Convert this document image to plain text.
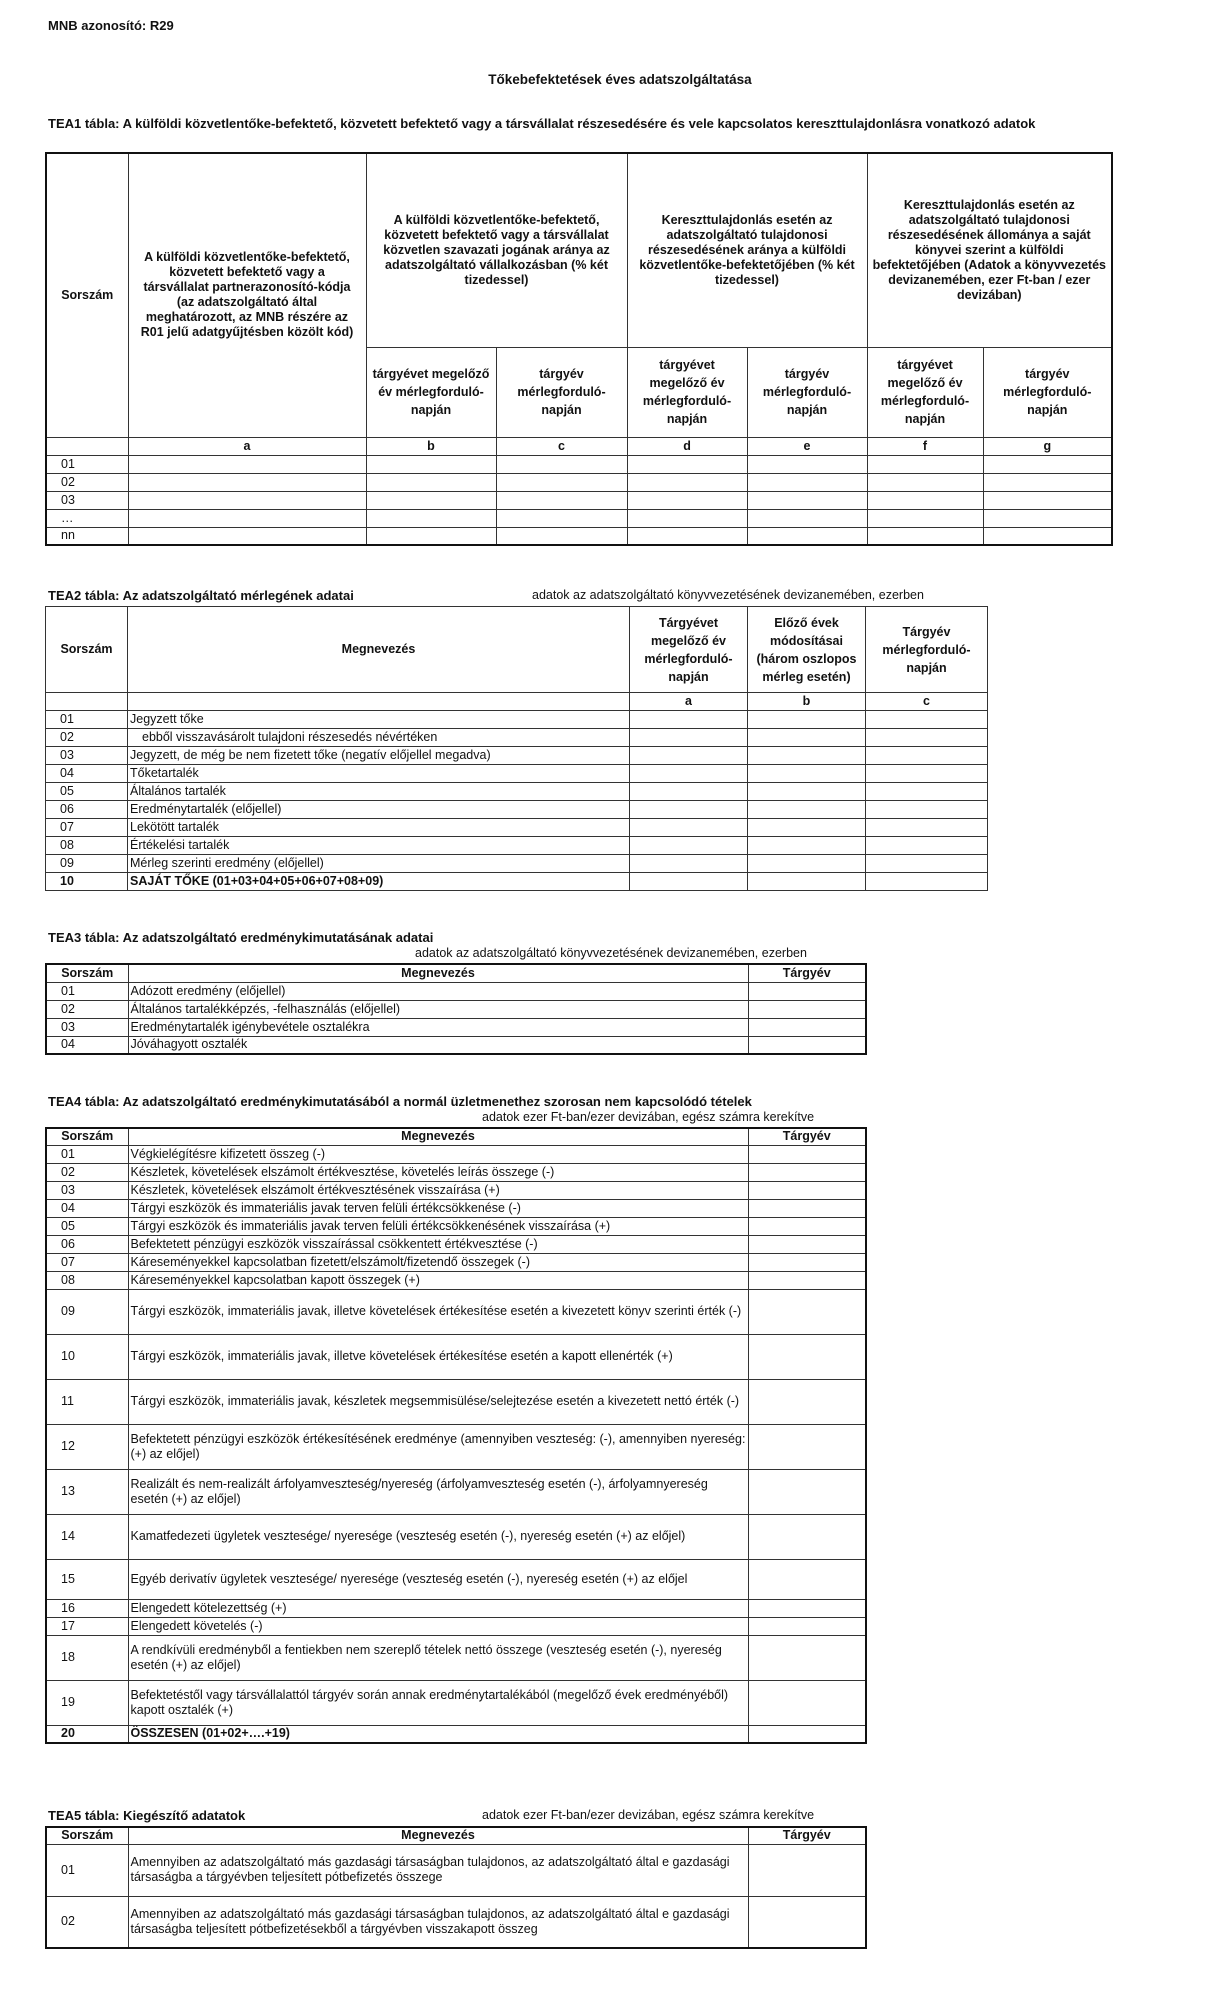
MNB azonosító: R29
Tőkebefektetések éves adatszolgáltatása
TEA1 tábla: A külföldi közvetlentőke-befektető, közvetett befektető vagy a társvállalat részesedésére és vele kapcsolatos kereszttulajdonlásra vonatkozó adatok
Sorszám	A külföldi közvetlentőke-befektető, közvetett befektető vagy a társvállalat partnerazonosító-kódja (az adatszolgáltató által meghatározott, az MNB részére az R01 jelű adatgyűjtésben közölt kód)	A külföldi közvetlentőke-befektető, közvetett befektető vagy a társvállalat közvetlen szavazati jogának aránya az adatszolgáltató vállalkozásban (% két tizedessel)		Kereszttulajdonlás esetén az adatszolgáltató tulajdonosi részesedésének aránya a külföldi közvetlentőke-befektetőjében (% két tizedessel)		Kereszttulajdonlás esetén az adatszolgáltató tulajdonosi részesedésének állománya a saját könyvei szerint a külföldi befektetőjében (Adatok a könyvvezetés devizanemében, ezer Ft-ban / ezer devizában)	
		tárgyévet megelőző év mérlegforduló-napján	tárgyév mérlegforduló-napján	tárgyévet megelőző év mérlegforduló-napján	tárgyév mérlegforduló-napján	tárgyévet megelőző év mérlegforduló-napján	tárgyév mérlegforduló-napján
	a	b	c	d	e	f	g
01							
02							
03							
…							
nn							
TEA2 tábla: Az adatszolgáltató mérlegének adatai	adatok az adatszolgáltató könyvvezetésének devizanemében, ezerben
Sorszám	Megnevezés	Tárgyévet megelőző év mérlegforduló-napján	Előző évek módosításai (három oszlopos mérleg esetén)	Tárgyév mérlegforduló-napján
		a	b	c
01	Jegyzett tőke			
02	ebből visszavásárolt tulajdoni részesedés névértéken			
03	Jegyzett, de még be nem fizetett tőke (negatív előjellel megadva)			
04	Tőketartalék			
05	Általános tartalék			
06	Eredménytartalék (előjellel)			
07	Lekötött tartalék			
08	Értékelési tartalék			
09	Mérleg szerinti eredmény (előjellel)			
10	SAJÁT TŐKE (01+03+04+05+06+07+08+09)			
TEA3 tábla: Az adatszolgáltató eredménykimutatásának adatai
adatok az adatszolgáltató könyvvezetésének devizanemében, ezerben
Sorszám	Megnevezés	Tárgyév
01	Adózott eredmény (előjellel)	
02	Általános tartalékképzés, -felhasználás (előjellel)	
03	Eredménytartalék igénybevétele osztalékra	
04	Jóváhagyott osztalék	
TEA4 tábla: Az adatszolgáltató eredménykimutatásából a normál üzletmenethez szorosan nem kapcsolódó tételek
adatok ezer Ft-ban/ezer devizában, egész számra kerekítve
Sorszám	Megnevezés	Tárgyév
01	Végkielégítésre kifizetett összeg (-)	
02	Készletek, követelések elszámolt értékvesztése, követelés leírás összege (-)	
03	Készletek, követelések elszámolt értékvesztésének visszaírása (+)	
04	Tárgyi eszközök és immateriális javak terven felüli értékcsökkenése (-)	
05	Tárgyi eszközök és immateriális javak terven felüli értékcsökkenésének visszaírása (+)	
06	Befektetett pénzügyi eszközök visszaírással csökkentett értékvesztése (-)	
07	Káreseményekkel kapcsolatban fizetett/elszámolt/fizetendő összegek (-)	
08	Káreseményekkel kapcsolatban kapott összegek (+)	
09	Tárgyi eszközök, immateriális javak, illetve követelések értékesítése esetén a kivezetett könyv szerinti érték (-)	
10	Tárgyi eszközök, immateriális javak, illetve követelések értékesítése esetén a kapott ellenérték (+)	
11	Tárgyi eszközök, immateriális javak, készletek megsemmisülése/selejtezése esetén a kivezetett nettó érték (-)	
12	Befektetett pénzügyi eszközök értékesítésének eredménye (amennyiben veszteség: (-), amennyiben nyereség: (+) az előjel)	
13	Realizált és nem-realizált árfolyamveszteség/nyereség (árfolyamveszteség esetén (-), árfolyamnyereség esetén (+) az előjel)	
14	Kamatfedezeti ügyletek vesztesége/ nyeresége (veszteség esetén (-), nyereség esetén (+) az előjel)	
15	Egyéb derivatív ügyletek vesztesége/ nyeresége (veszteség esetén (-), nyereség esetén (+) az előjel	
16	Elengedett kötelezettség (+)	
17	Elengedett követelés (-)	
18	A rendkívüli eredményből a fentiekben nem szereplő tételek nettó összege (veszteség esetén (-), nyereség esetén (+) az előjel)	
19	Befektetéstől vagy társvállalattól tárgyév során annak eredménytartalékából (megelőző évek eredményéből) kapott osztalék (+)	
20	ÖSSZESEN (01+02+….+19)	
TEA5 tábla: Kiegészítő adatatok	adatok ezer Ft-ban/ezer devizában, egész számra kerekítve
Sorszám	Megnevezés	Tárgyév
01	Amennyiben az adatszolgáltató más gazdasági társaságban tulajdonos, az adatszolgáltató által e gazdasági társaságba a tárgyévben teljesített pótbefizetés összege	
02	Amennyiben az adatszolgáltató más gazdasági társaságban tulajdonos, az adatszolgáltató által e gazdasági társaságba teljesített pótbefizetésekből a tárgyévben visszakapott összeg	
